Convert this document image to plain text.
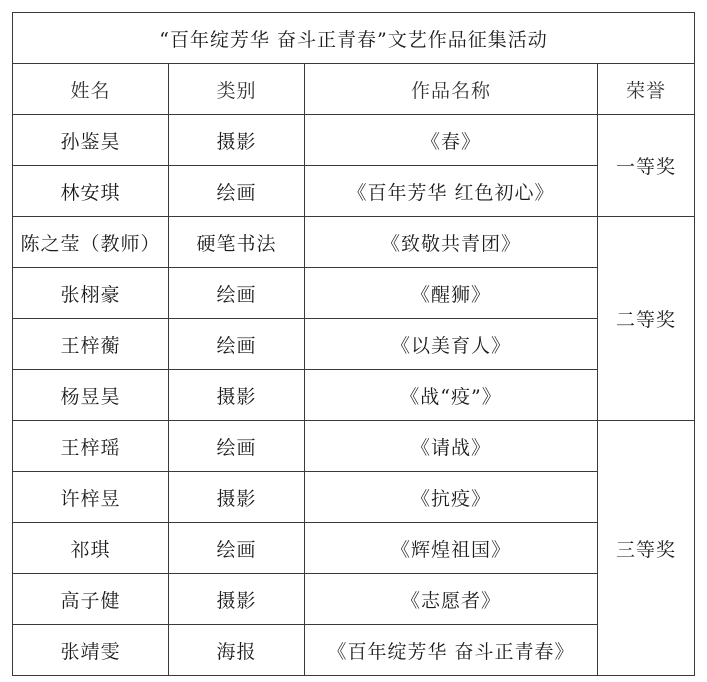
“百年绽芳华 奋斗正青春”文艺作品征集活动			
姓名	类别	作品名称	荣誉
孙鉴昊	摄影	《春》	一等奖
林安琪	绘画	《百年芳华 红色初心》	
陈之莹（教师）	硬笔书法	《致敬共青团》	二等奖
张栩豪	绘画	《醒狮》	
王梓蘅	绘画	《以美育人》	
杨昱昊	摄影	《战“疫”》	
王梓瑶	绘画	《请战》	三等奖
许梓昱	摄影	《抗疫》	
祁琪	绘画	《辉煌祖国》	
高子健	摄影	《志愿者》	
张靖雯	海报	《百年绽芳华 奋斗正青春》	
